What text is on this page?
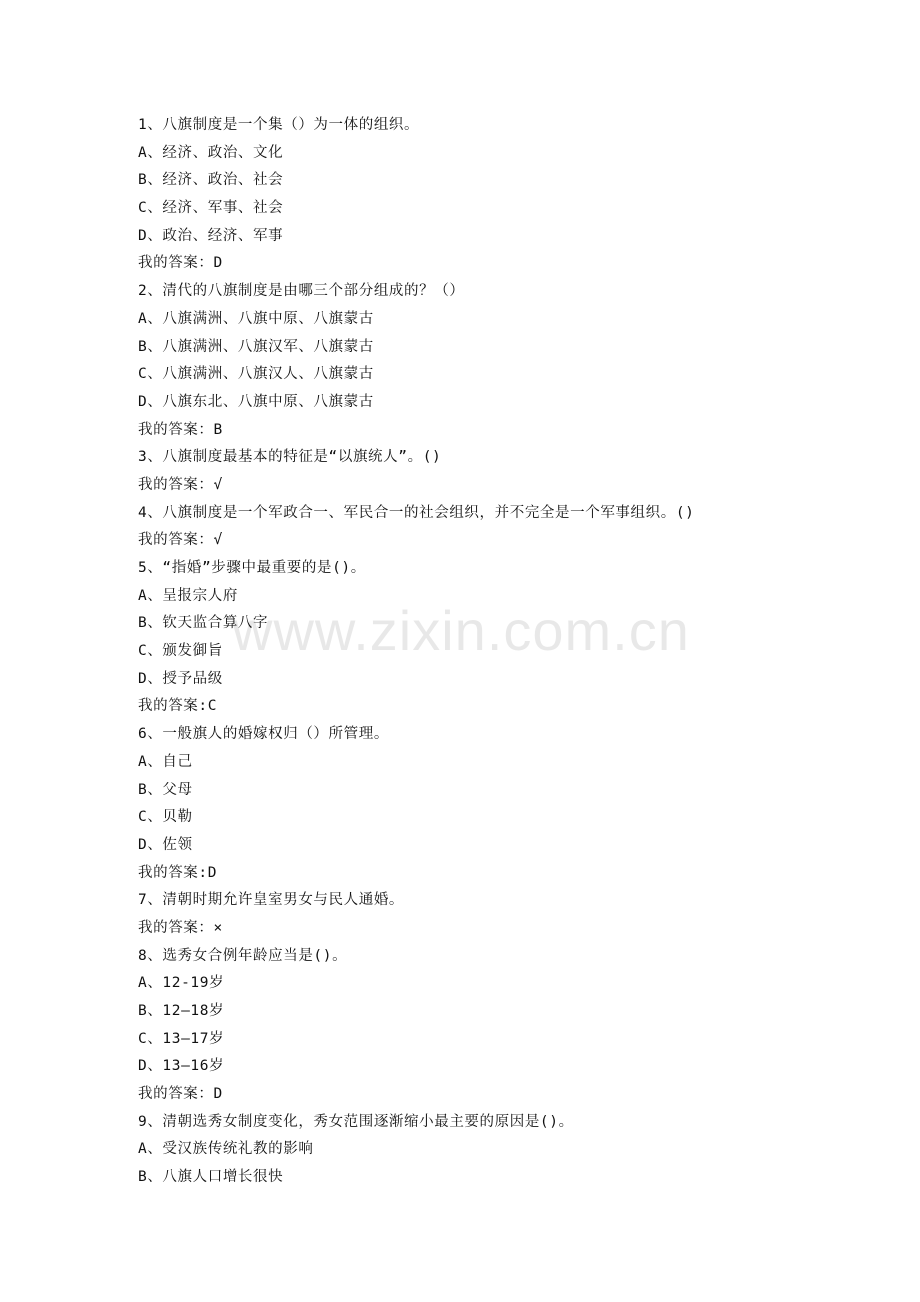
www.zixin.com.cn
1、八旗制度是一个集（）为一体的组织。
A、经济、政治、文化
B、经济、政治、社会
C、经济、军事、社会
D、政治、经济、军事
我的答案：D
2、清代的八旗制度是由哪三个部分组成的？（）
A、八旗满洲、八旗中原、八旗蒙古
B、八旗满洲、八旗汉军、八旗蒙古
C、八旗满洲、八旗汉人、八旗蒙古
D、八旗东北、八旗中原、八旗蒙古
我的答案：B
3、八旗制度最基本的特征是“以旗统人”。()
我的答案：√
4、八旗制度是一个军政合一、军民合一的社会组织，并不完全是一个军事组织。()
我的答案：√
5、“指婚”步骤中最重要的是()。
A、呈报宗人府
B、钦天监合算八字
C、颁发御旨
D、授予品级
我的答案:C
6、一般旗人的婚嫁权归（）所管理。
A、自己
B、父母
C、贝勒
D、佐领
我的答案:D
7、清朝时期允许皇室男女与民人通婚。
我的答案：×
8、选秀女合例年龄应当是()。
A、12-19岁
B、12—18岁
C、13—17岁
D、13—16岁
我的答案：D
9、清朝选秀女制度变化，秀女范围逐渐缩小最主要的原因是()。
A、受汉族传统礼教的影响
B、八旗人口增长很快
